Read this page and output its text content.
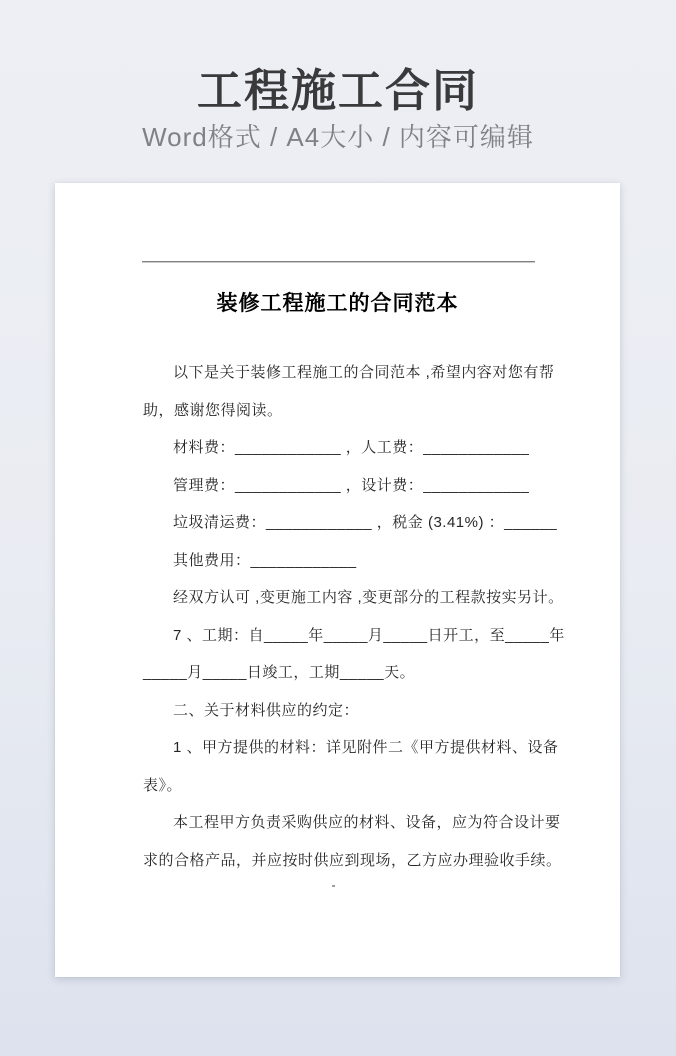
工程施工合同
Word格式 / A4大小 / 内容可编辑
装修工程施工的合同范本
以下是关于装修工程施工的合同范本 ,希望内容对您有帮
助，感谢您得阅读。
材料费：____________ ，人工费：____________
管理费：____________ ，设计费：____________
垃圾清运费：____________ ，税金 (3.41%) ：______
其他费用：____________
经双方认可 ,变更施工内容 ,变更部分的工程款按实另计。
7 、工期：自_____年_____月_____日开工，至_____年
_____月_____日竣工，工期_____天。
二、关于材料供应的约定：
1 、甲方提供的材料：详见附件二《甲方提供材料、设备
表》。
本工程甲方负责采购供应的材料、设备，应为符合设计要
求的合格产品，并应按时供应到现场，乙方应办理验收手续。
